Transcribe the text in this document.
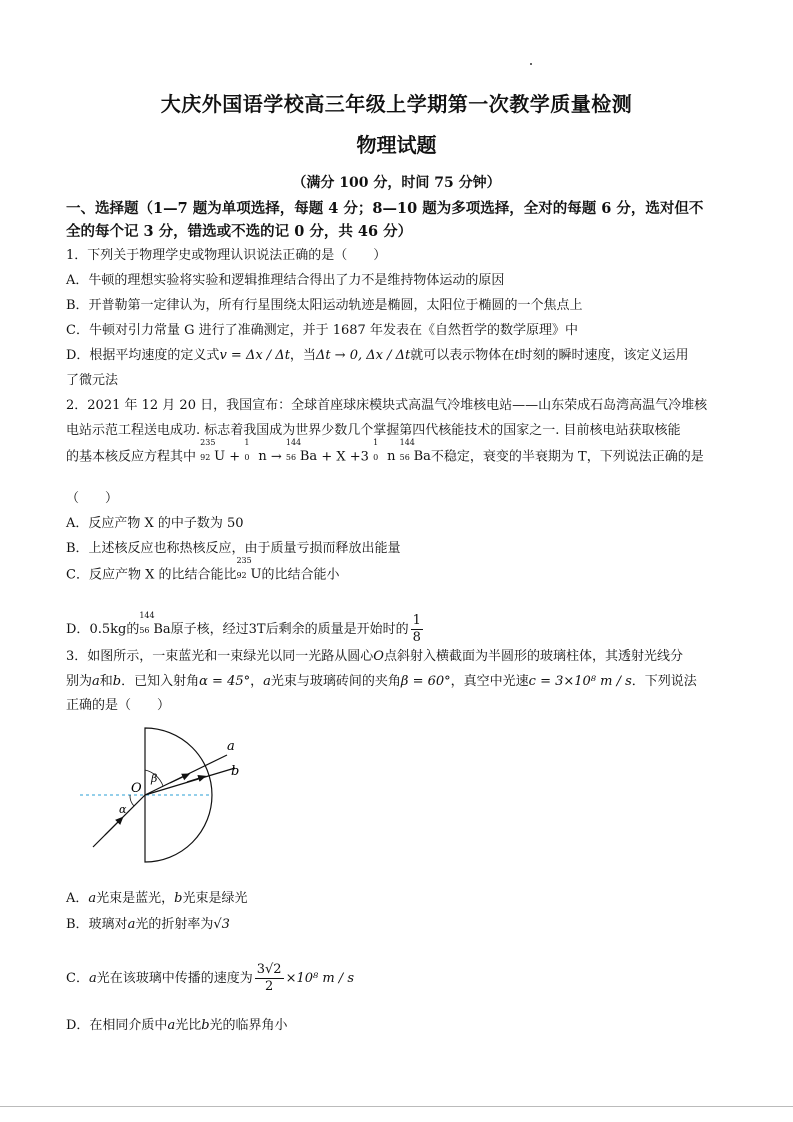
大庆外国语学校高三年级上学期第一次教学质量检测
物理试题
（满分 100 分，时间 75 分钟）
一、选择题（1—7 题为单项选择，每题 4 分；8—10 题为多项选择，全对的每题 6 分，选对但不
全的每个记 3 分，错选或不选的记 0 分，共 46 分）
1．下列关于物理学史或物理认识说法正确的是（　　）
A．牛顿的理想实验将实验和逻辑推理结合得出了力不是维持物体运动的原因
B．开普勒第一定律认为，所有行星围绕太阳运动轨迹是椭圆，太阳位于椭圆的一个焦点上
C．牛顿对引力常量 G 进行了准确测定，并于 1687 年发表在《自然哲学的数学原理》中
D．根据平均速度的定义式v = Δx / Δt，当Δt → 0, Δx / Δt就可以表示物体在t时刻的瞬时速度，该定义运用
了微元法
2．2021 年 12 月 20 日，我国宣布：全球首座球床模块式高温气冷堆核电站——山东荣成石岛湾高温气冷堆核
电站示范工程送电成功. 标志着我国成为世界少数几个掌握第四代核能技术的国家之一. 目前核电站获取核能
的基本核反应方程其中
235
92 U +
1
0 n →
144
56 Ba + X +3
1
0 n
144
56 Ba不稳定，衰变的半衰期为 T，下列说法正确的是
（　　）
A．反应产物 X 的中子数为 50
B．上述核反应也称热核反应，由于质量亏损而释放出能量
C．反应产物 X 的比结合能比
235
92 U的比结合能小
D．0.5kg的
144
56 Ba原子核，经过3T后剩余的质量是开始时的 $\frac{1}{8}$
3．如图所示，一束蓝光和一束绿光以同一光路从圆心O点斜射入横截面为半圆形的玻璃柱体，其透射光线分
别为a和b．已知入射角α = 45°，a光束与玻璃砖间的夹角β = 60°，真空中光速c = 3×10⁸ m / s．下列说法
正确的是（　　）
a
b
O
β
α
A．a光束是蓝光，b光束是绿光
B．玻璃对a光的折射率为√3
C．a光在该玻璃中传播的速度为 $\frac{3√2}{2} \times 10^8$ m / s
D．在相同介质中a光比b光的临界角小
